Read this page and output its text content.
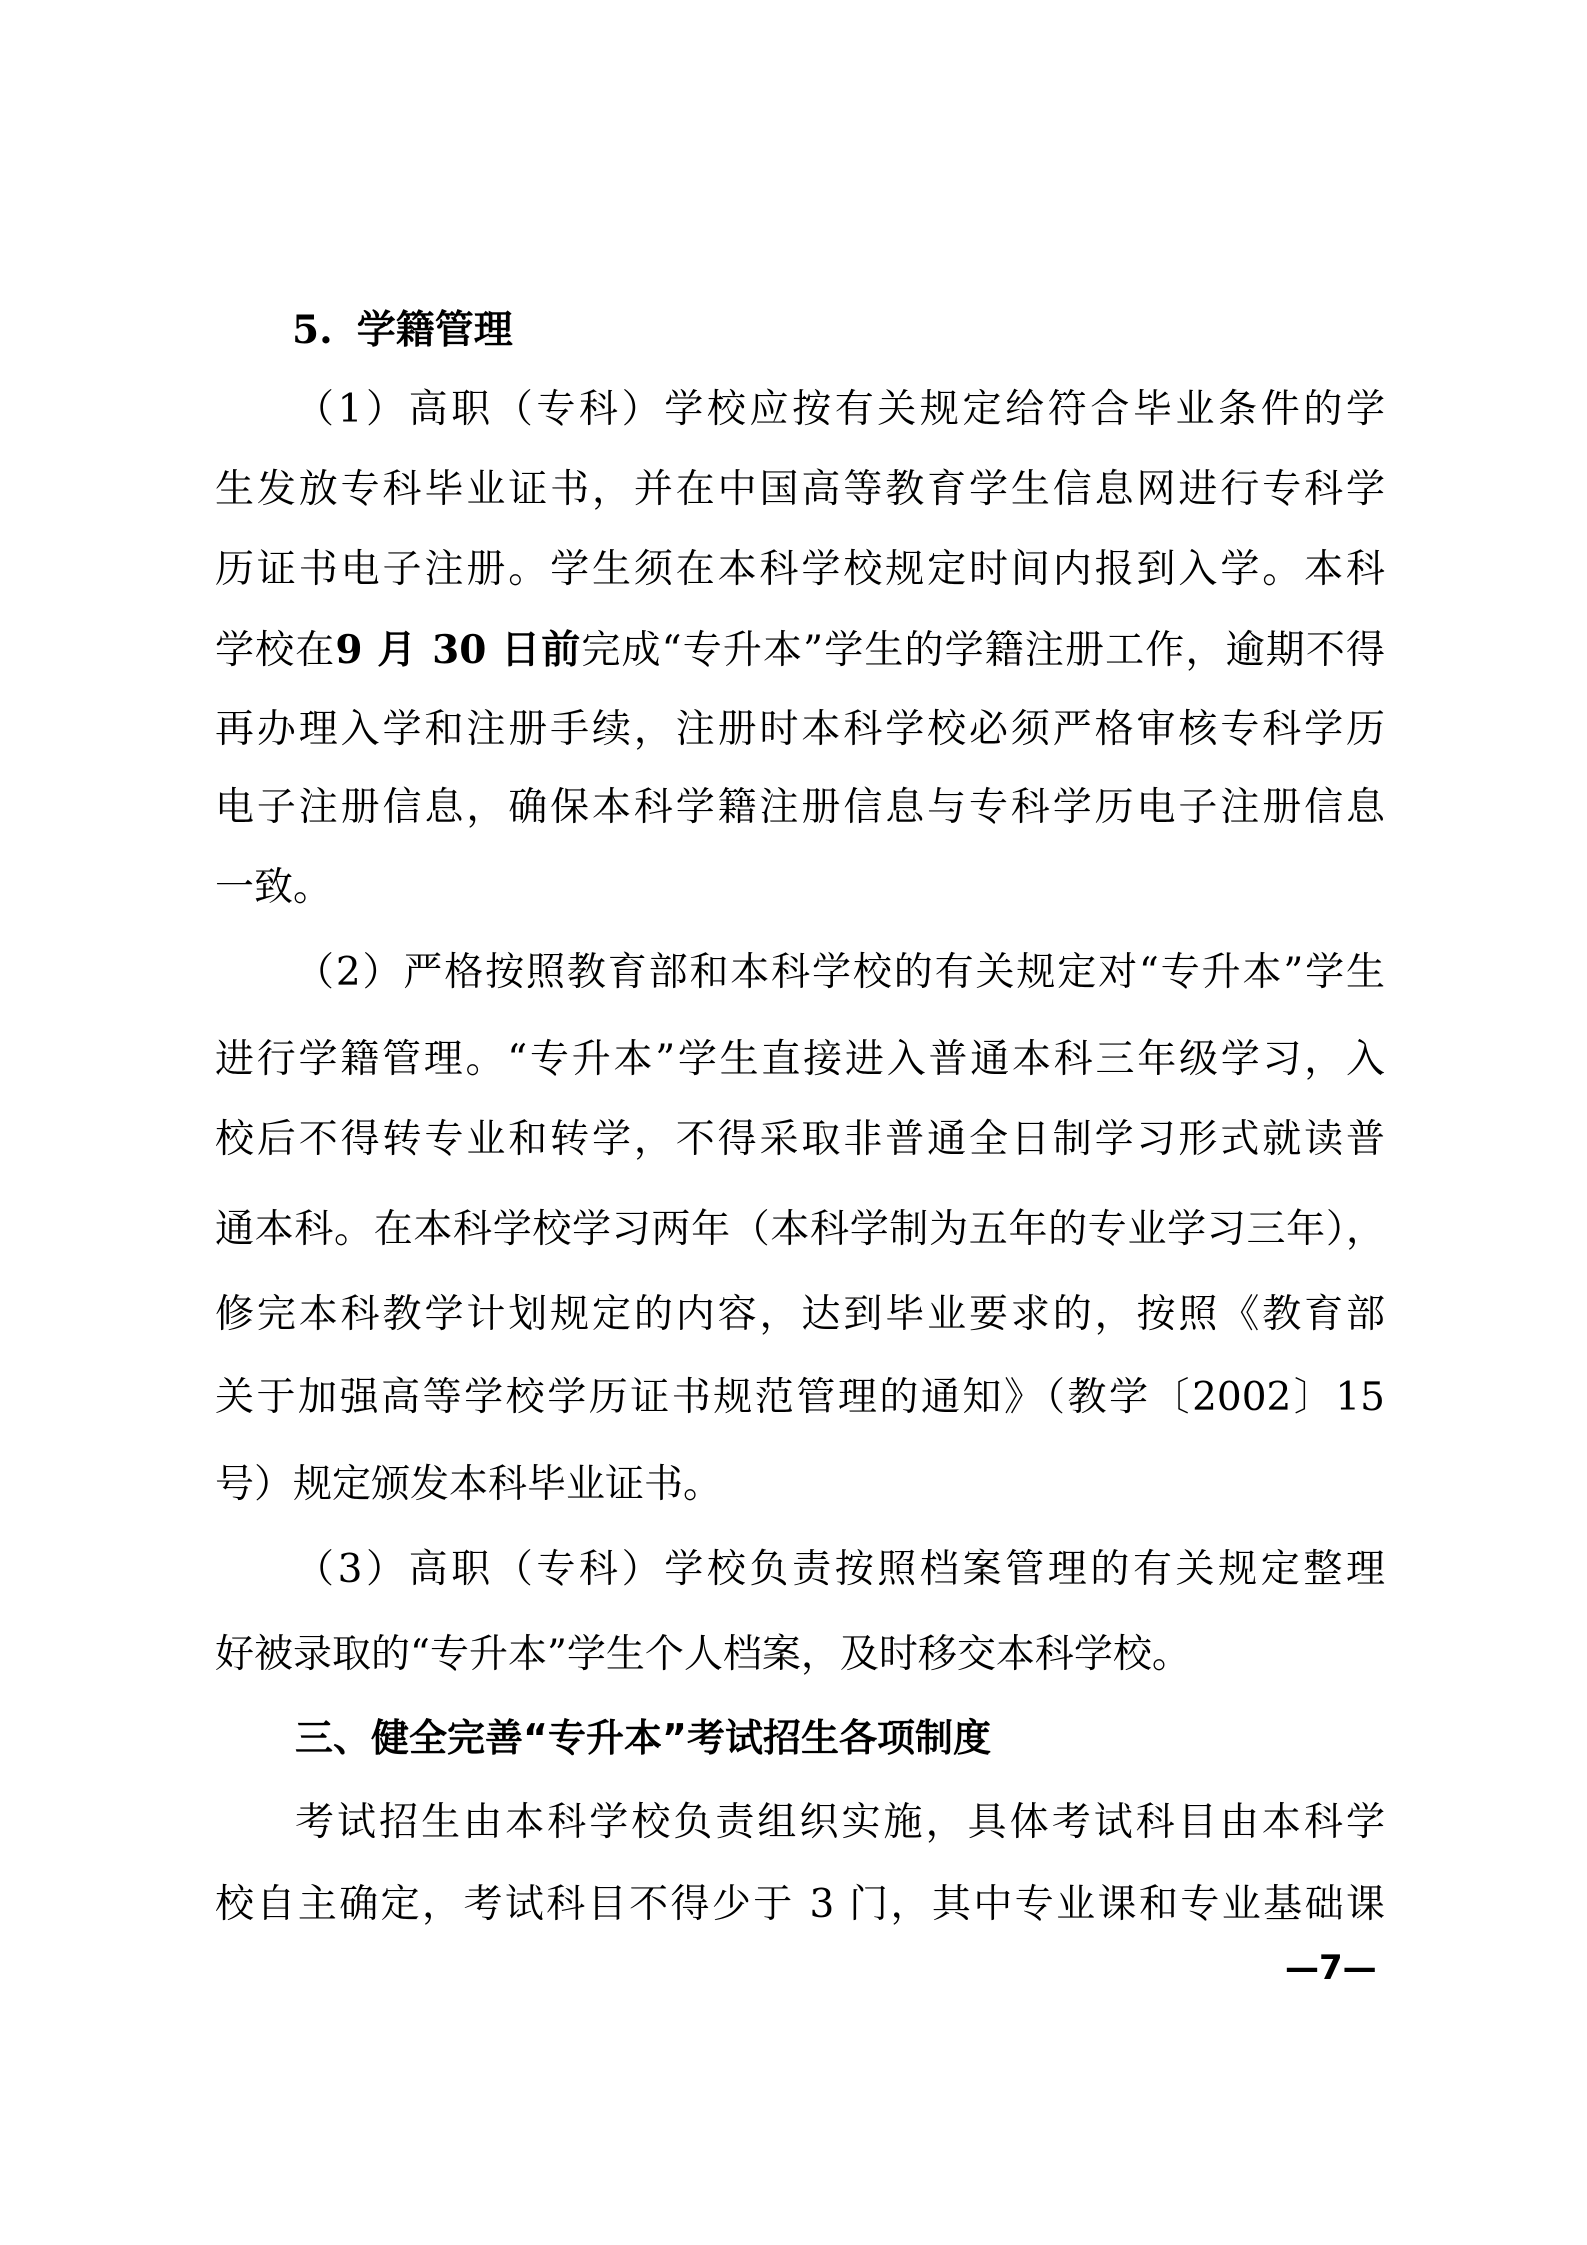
5. 学籍管理
（1）高职（专科）学校应按有关规定给符合毕业条件的学
生发放专科毕业证书，并在中国高等教育学生信息网进行专科学
历证书电子注册。学生须在本科学校规定时间内报到入学。本科
学校在9 月 30 日前完成“专升本”学生的学籍注册工作，逾期不得
再办理入学和注册手续，注册时本科学校必须严格审核专科学历
电子注册信息，确保本科学籍注册信息与专科学历电子注册信息
一致。
（2）严格按照教育部和本科学校的有关规定对“专升本”学生
进行学籍管理。“专升本”学生直接进入普通本科三年级学习，入
校后不得转专业和转学，不得采取非普通全日制学习形式就读普
通本科。在本科学校学习两年（本科学制为五年的专业学习三年），
修完本科教学计划规定的内容，达到毕业要求的，按照《教育部
关于加强高等学校学历证书规范管理的通知》（教学〔2002〕15
号）规定颁发本科毕业证书。
（3）高职（专科）学校负责按照档案管理的有关规定整理
好被录取的“专升本”学生个人档案，及时移交本科学校。
三、健全完善“专升本”考试招生各项制度
考试招生由本科学校负责组织实施，具体考试科目由本科学
校自主确定，考试科目不得少于 3 门，其中专业课和专业基础课
—7—
